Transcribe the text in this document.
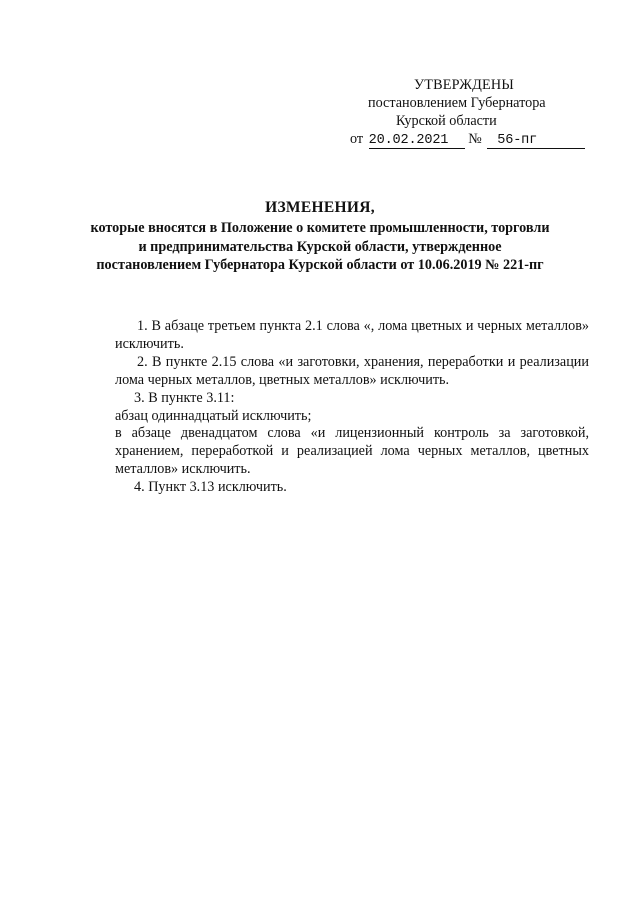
УТВЕРЖДЕНЫ
постановлением Губернатора
Курской области
от 20.02.2021 № 56-пг
ИЗМЕНЕНИЯ,
которые вносятся в Положение о комитете промышленности, торговли
и предпринимательства Курской области, утвержденное
постановлением Губернатора Курской области от 10.06.2019 № 221-пг

1. В абзаце третьем пункта 2.1 слова «, лома цветных и черных металлов» исключить.

2. В пункте 2.15 слова «и заготовки, хранения, переработки и реализации лома черных металлов, цветных металлов» исключить.

3. В пункте 3.11:

абзац одиннадцатый исключить;

в абзаце двенадцатом слова «и лицензионный контроль за заготовкой, хранением, переработкой и реализацией лома черных металлов, цветных металлов» исключить.

4. Пункт 3.13 исключить.
